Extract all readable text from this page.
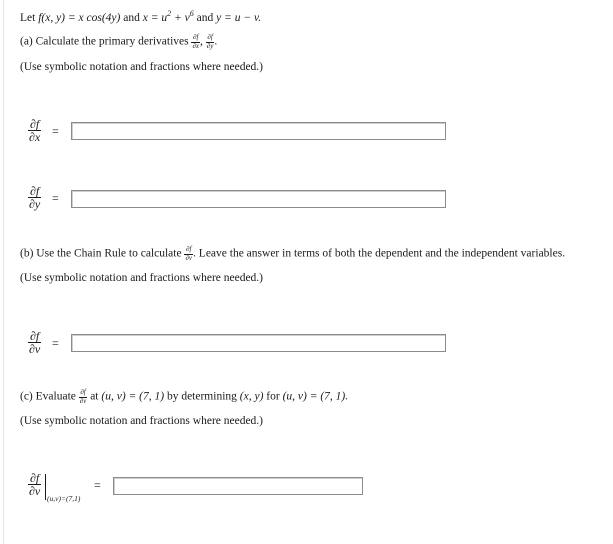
Let f(x, y) = x cos(4y) and $x = u^2 + v^6$ and y = u − v.
(a) Calculate the primary derivatives $\frac{\partial f}{\partial x}$ , $\frac{\partial f}{\partial y}$ .
(Use symbolic notation and fractions where needed.)
$\frac{\partial f}{\partial x}$ =
$\frac{\partial f}{\partial y}$ =
(b) Use the Chain Rule to calculate $\frac{\partial f}{\partial v}$ . Leave the answer in terms of both the dependent and the independent variables.
(Use symbolic notation and fractions where needed.)
$\frac{\partial f}{\partial v}$ =
(c) Evaluate $\frac{\partial f}{\partial v}$ at (u, v) = (7, 1) by determining (x, y) for (u, v) = (7, 1).
(Use symbolic notation and fractions where needed.)
$\frac{\partial f}{\partial v}$
(u,v)=(7,1)
=
